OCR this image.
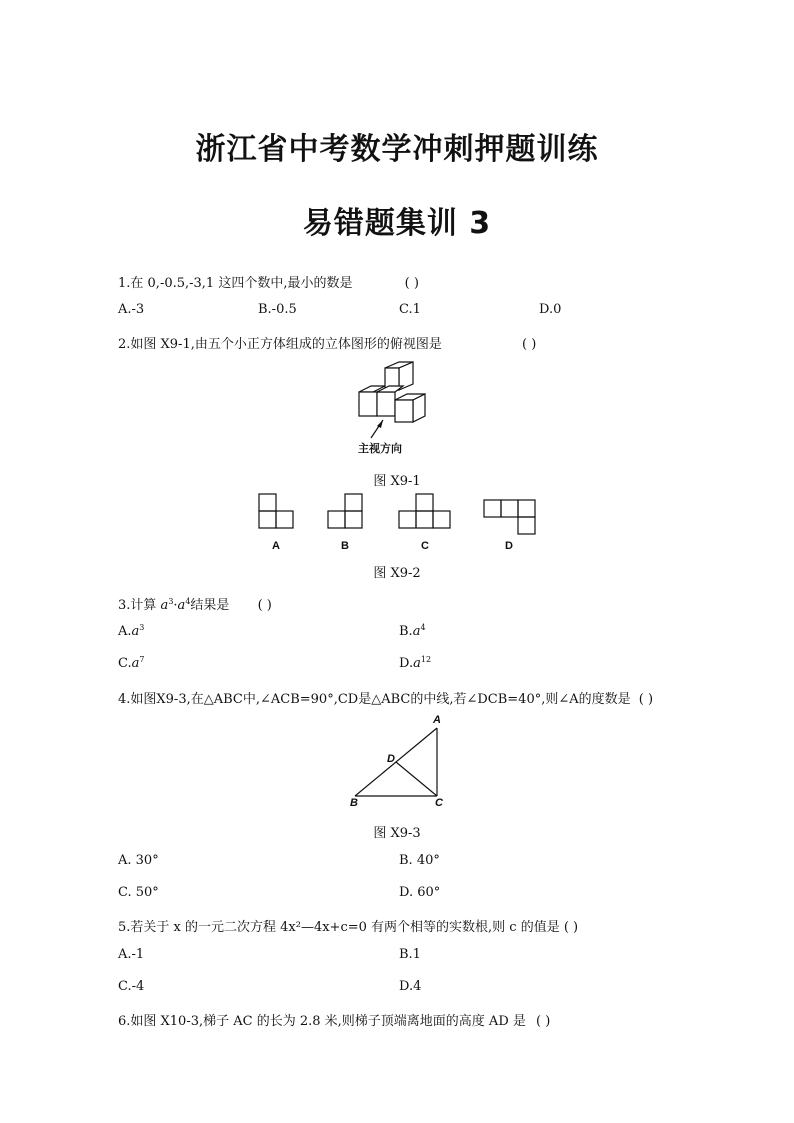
浙江省中考数学冲刺押题训练
易错题集训 3
1.在 0,-0.5,-3,1 这四个数中,最小的数是	( )
A.-3	B.-0.5	C.1	D.0
2.如图 X9-1,由五个小正方体组成的立体图形的俯视图是	( )
主视方向
图 X9-1
A	B	C	D
图 X9-2
3.计算 $a^3\cdot a^4$结果是 ( )
$A.a^3$	$B.a^4$
$C.a^7$	$D.a^{12}$
4.如图X9-3,在△ABC中,∠ACB=90°,CD是△ABC的中线,若∠DCB=40°,则∠A的度数是 ( )
A
D
B	C
图 X9-3
A. 30°	B. 40°
C. 50°	D. 60°
5.若关于 x 的一元二次方程 4x²—4x+c=0 有两个相等的实数根,则 c 的值是 ( )
A.-1	B.1
C.-4	D.4
6.如图 X10-3,梯子 AC 的长为 2.8 米,则梯子顶端离地面的高度 AD 是 ( )
